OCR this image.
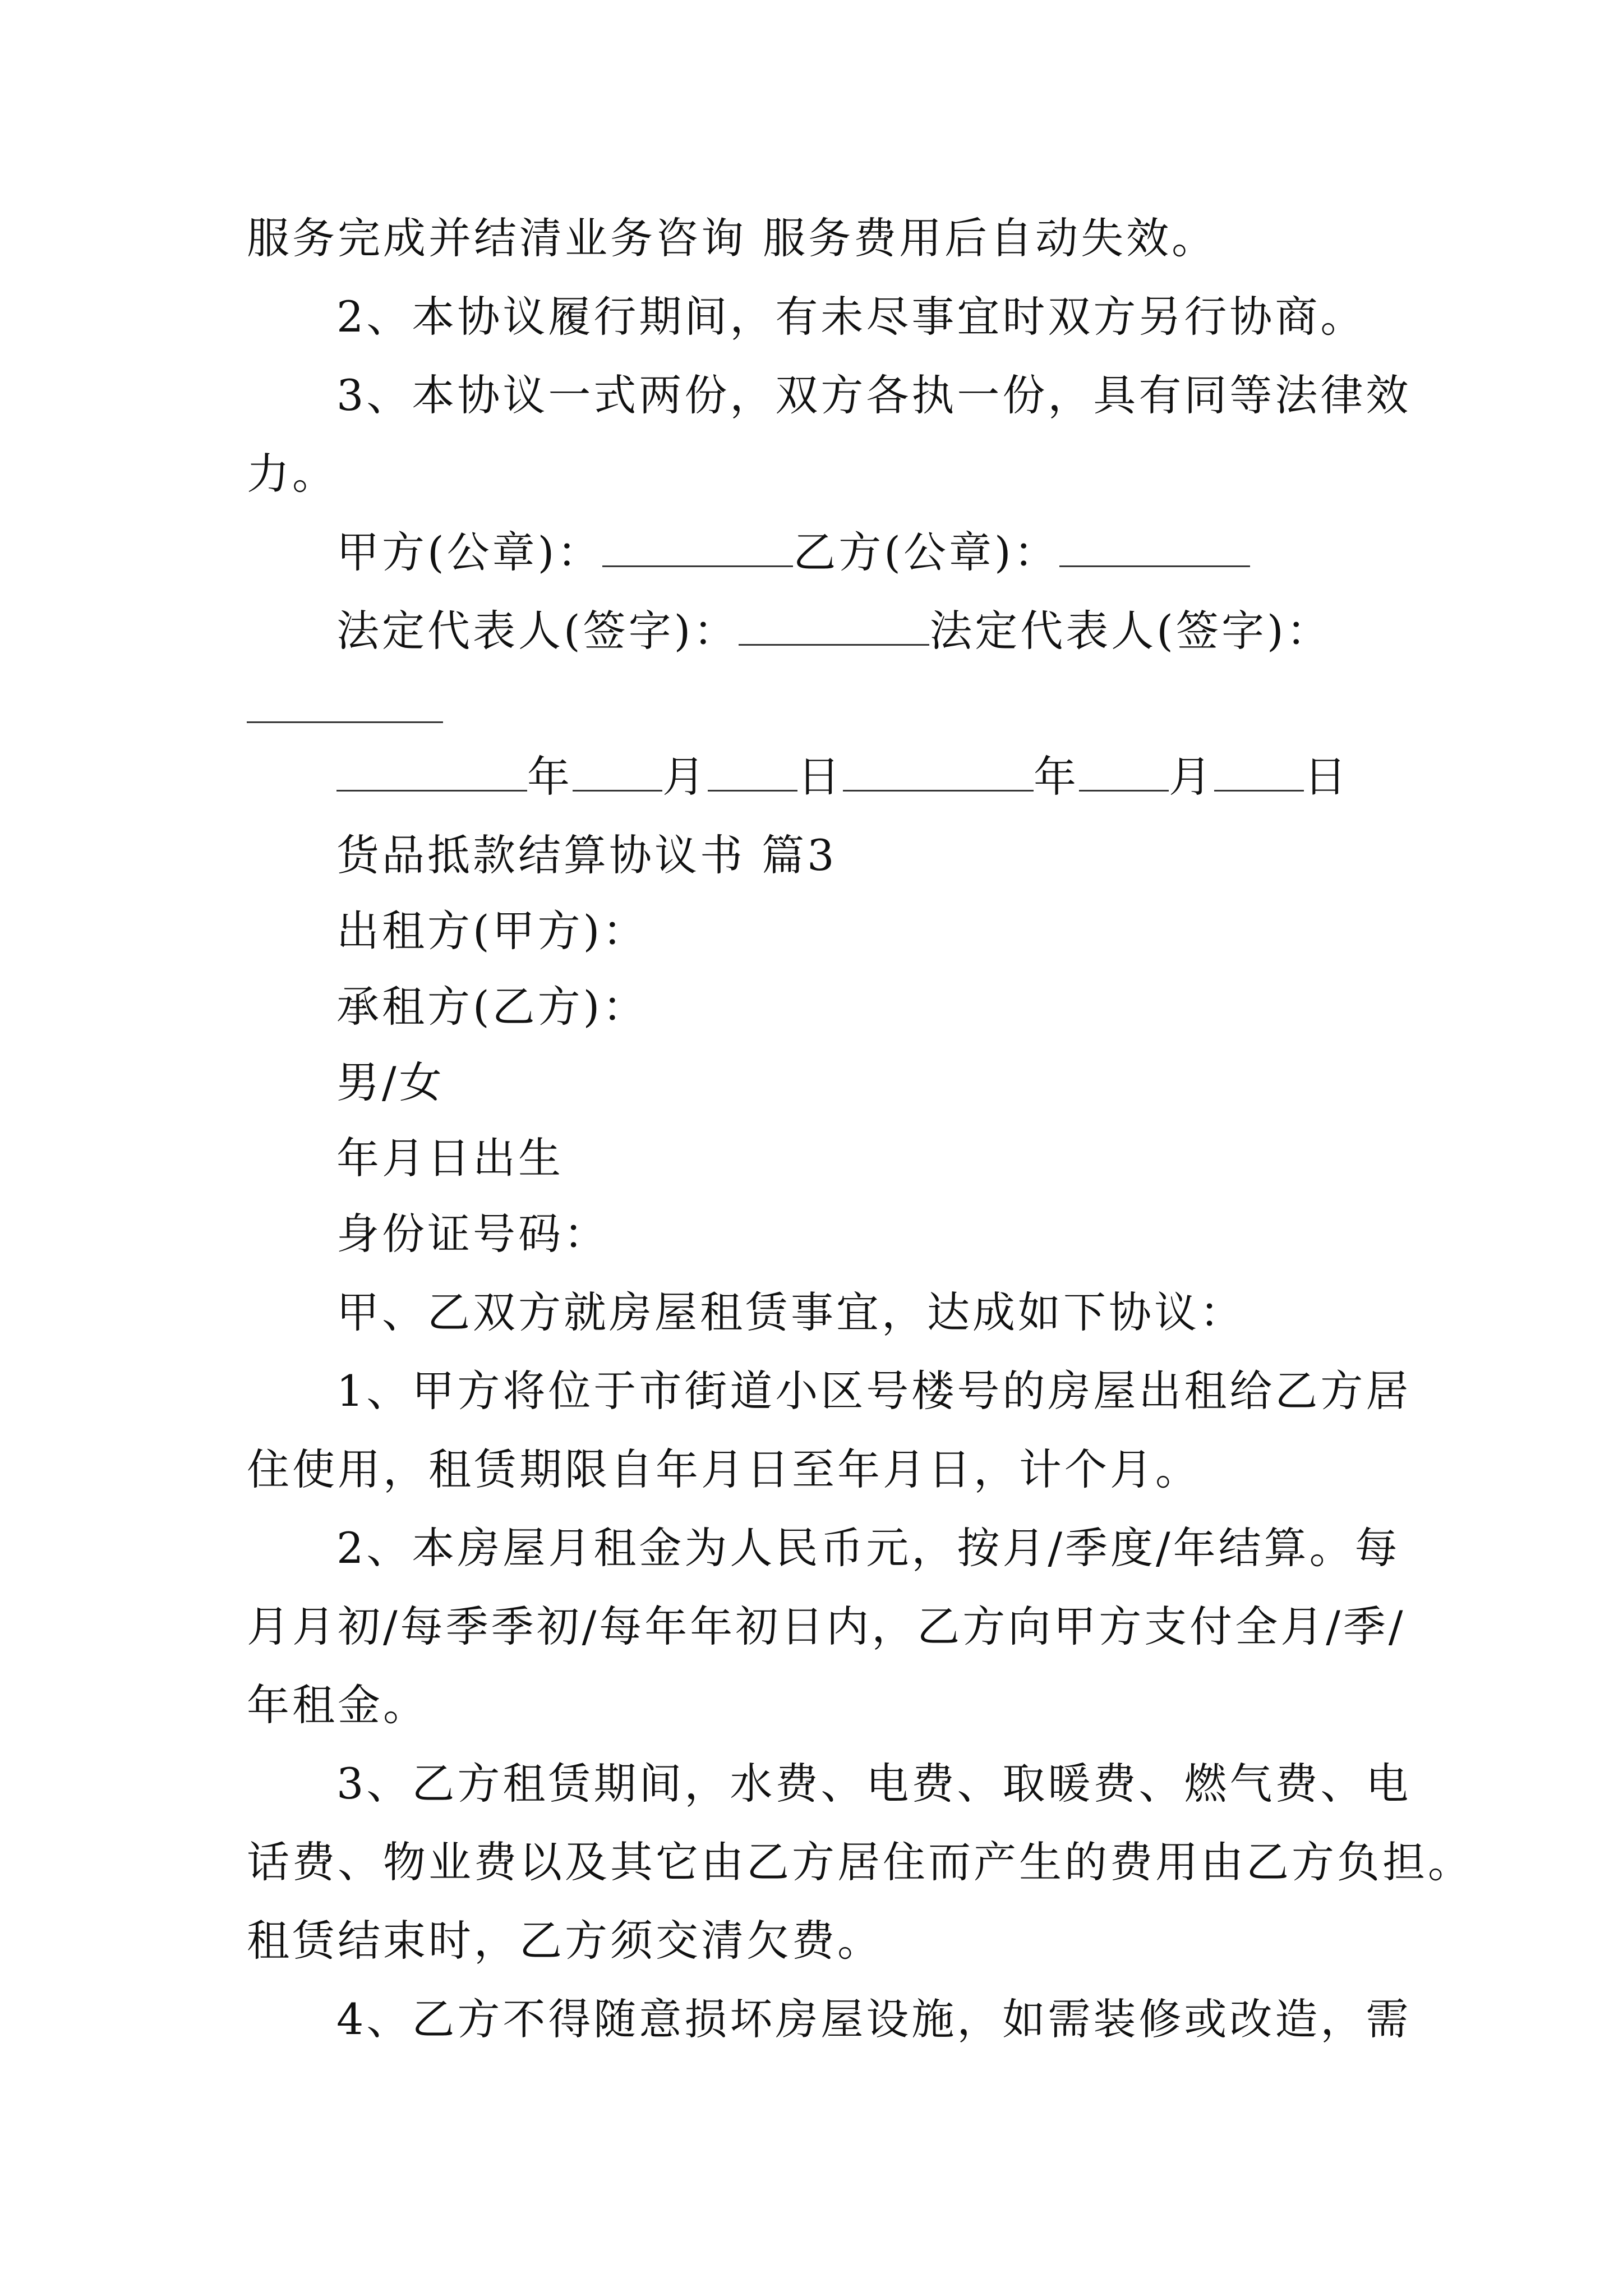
服务完成并结清业务咨询 服务费用后自动失效。
2、本协议履行期间，有未尽事宜时双方另行协商。
3、本协议一式两份，双方各执一份，具有同等法律效
力。
甲方(公章)：	乙方(公章)：
法定代表人(签字)：	法定代表人(签字)：
年 月 日	年 月 日
货品抵款结算协议书 篇3
出租方(甲方)：
承租方(乙方)：
男/女
年月日出生
身份证号码：
甲、乙双方就房屋租赁事宜，达成如下协议：
1、甲方将位于市街道小区号楼号的房屋出租给乙方居
住使用，租赁期限自年月日至年月日，计个月。
2、本房屋月租金为人民币元，按月/季度/年结算。每
月月初/每季季初/每年年初日内，乙方向甲方支付全月/季/
年租金。
3、乙方租赁期间，水费、电费、取暖费、燃气费、电
话费、物业费以及其它由乙方居住而产生的费用由乙方负担。
租赁结束时，乙方须交清欠费。
4、乙方不得随意损坏房屋设施，如需装修或改造，需
